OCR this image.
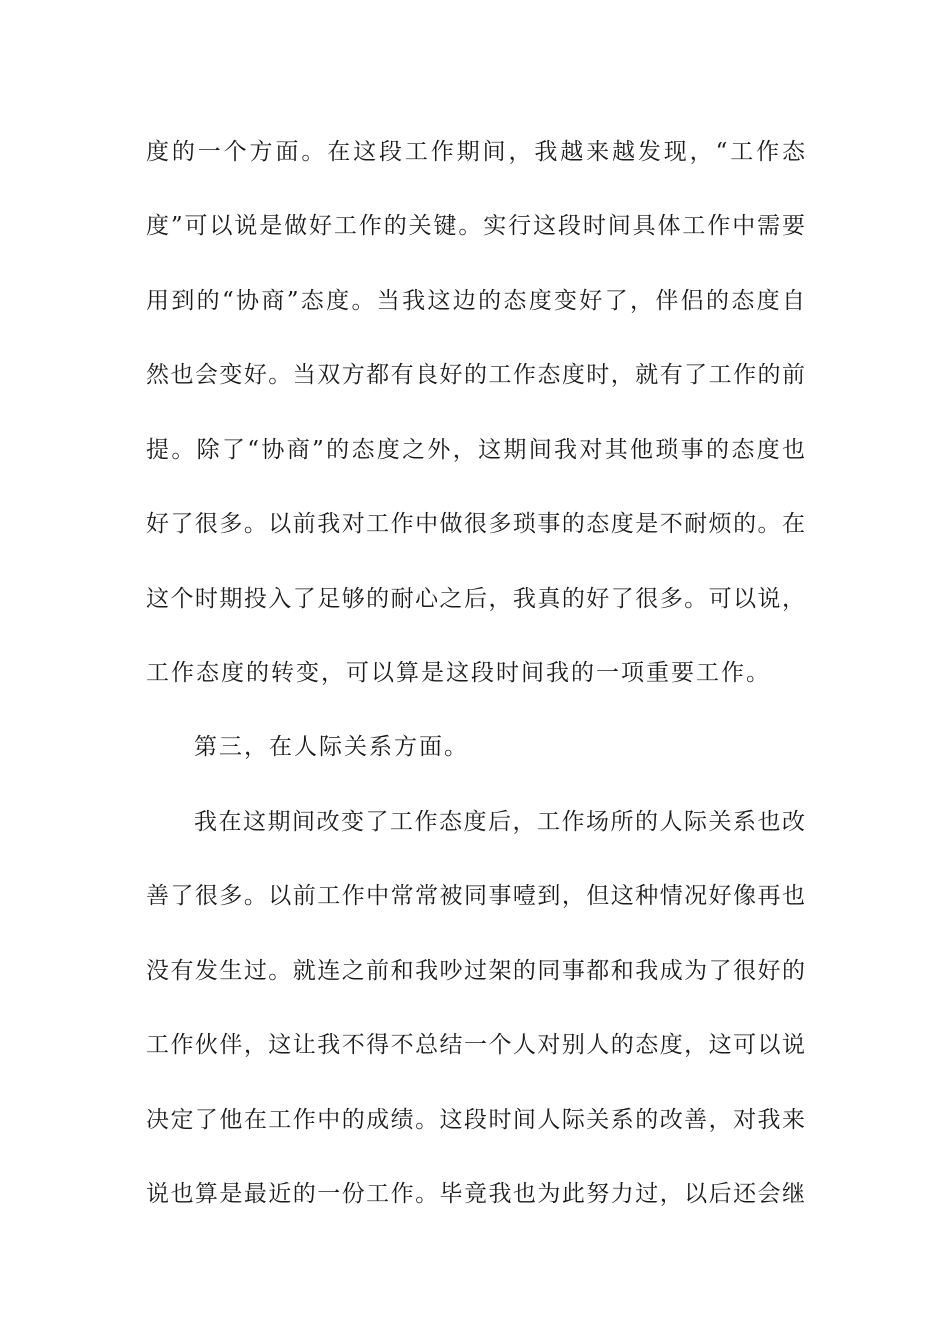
度的一个方面。在这段工作期间，我越来越发现，“工作态
度”可以说是做好工作的关键。实行这段时间具体工作中需要
用到的“协商”态度。当我这边的态度变好了，伴侣的态度自
然也会变好。当双方都有良好的工作态度时，就有了工作的前
提。除了“协商”的态度之外，这期间我对其他琐事的态度也
好了很多。以前我对工作中做很多琐事的态度是不耐烦的。在
这个时期投入了足够的耐心之后，我真的好了很多。可以说，
工作态度的转变，可以算是这段时间我的一项重要工作。
第三，在人际关系方面。
我在这期间改变了工作态度后，工作场所的人际关系也改
善了很多。以前工作中常常被同事噎到，但这种情况好像再也
没有发生过。就连之前和我吵过架的同事都和我成为了很好的
工作伙伴，这让我不得不总结一个人对别人的态度，这可以说
决定了他在工作中的成绩。这段时间人际关系的改善，对我来
说也算是最近的一份工作。毕竟我也为此努力过，以后还会继
